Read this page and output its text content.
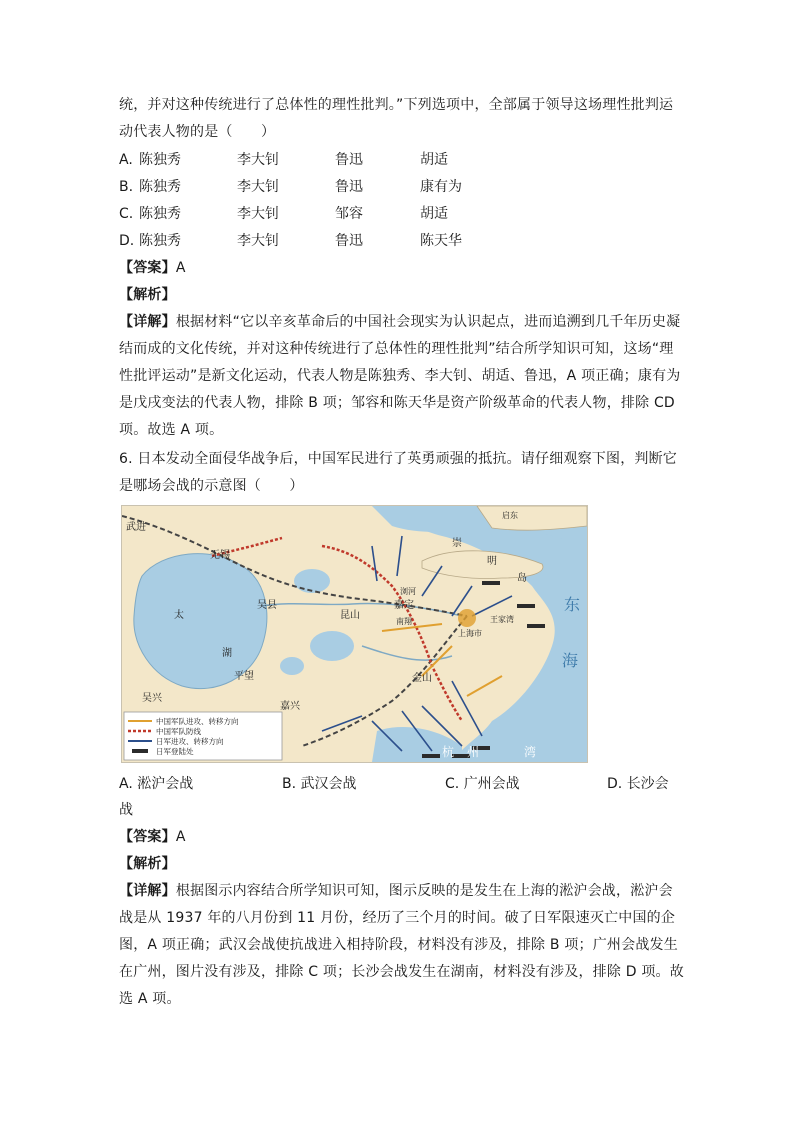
统，并对这种传统进行了总体性的理性批判。”下列选项中，全部属于领导这场理性批判运
动代表人物的是（　　）
A. 陈独秀	李大钊	鲁迅	胡适
B. 陈独秀	李大钊	鲁迅	康有为
C. 陈独秀	李大钊	邹容	胡适
D. 陈独秀	李大钊	鲁迅	陈天华
【答案】A
【解析】
【详解】根据材料“它以辛亥革命后的中国社会现实为认识起点，进而追溯到几千年历史凝
结而成的文化传统，并对这种传统进行了总体性的理性批判”结合所学知识可知，这场“理
性批评运动”是新文化运动，代表人物是陈独秀、李大钊、胡适、鲁迅，A 项正确；康有为
是戊戌变法的代表人物，排除 B 项；邹容和陈天华是资产阶级革命的代表人物，排除 CD
项。故选 A 项。
6. 日本发动全面侵华战争后，中国军民进行了英勇顽强的抵抗。请仔细观察下图，判断它
是哪场会战的示意图（　　）
武进
无锡
昆山
嘉定
吴县
太
湖
吴兴
平望
嘉兴
金山
上海市
浏河
启东
东
海
杭 州	湾
崇
明
岛
南翔	王家湾
中国军队进攻、转移方向
中国军队防线
日军进攻、转移方向
日军登陆处
A. 淞沪会战	B. 武汉会战	C. 广州会战	D. 长沙会
战
【答案】A
【解析】
【详解】根据图示内容结合所学知识可知，图示反映的是发生在上海的淞沪会战，淞沪会
战是从 1937 年的八月份到 11 月份，经历了三个月的时间。破了日军限速灭亡中国的企
图，A 项正确；武汉会战使抗战进入相持阶段，材料没有涉及，排除 B 项；广州会战发生
在广州，图片没有涉及，排除 C 项；长沙会战发生在湖南，材料没有涉及，排除 D 项。故
选 A 项。
